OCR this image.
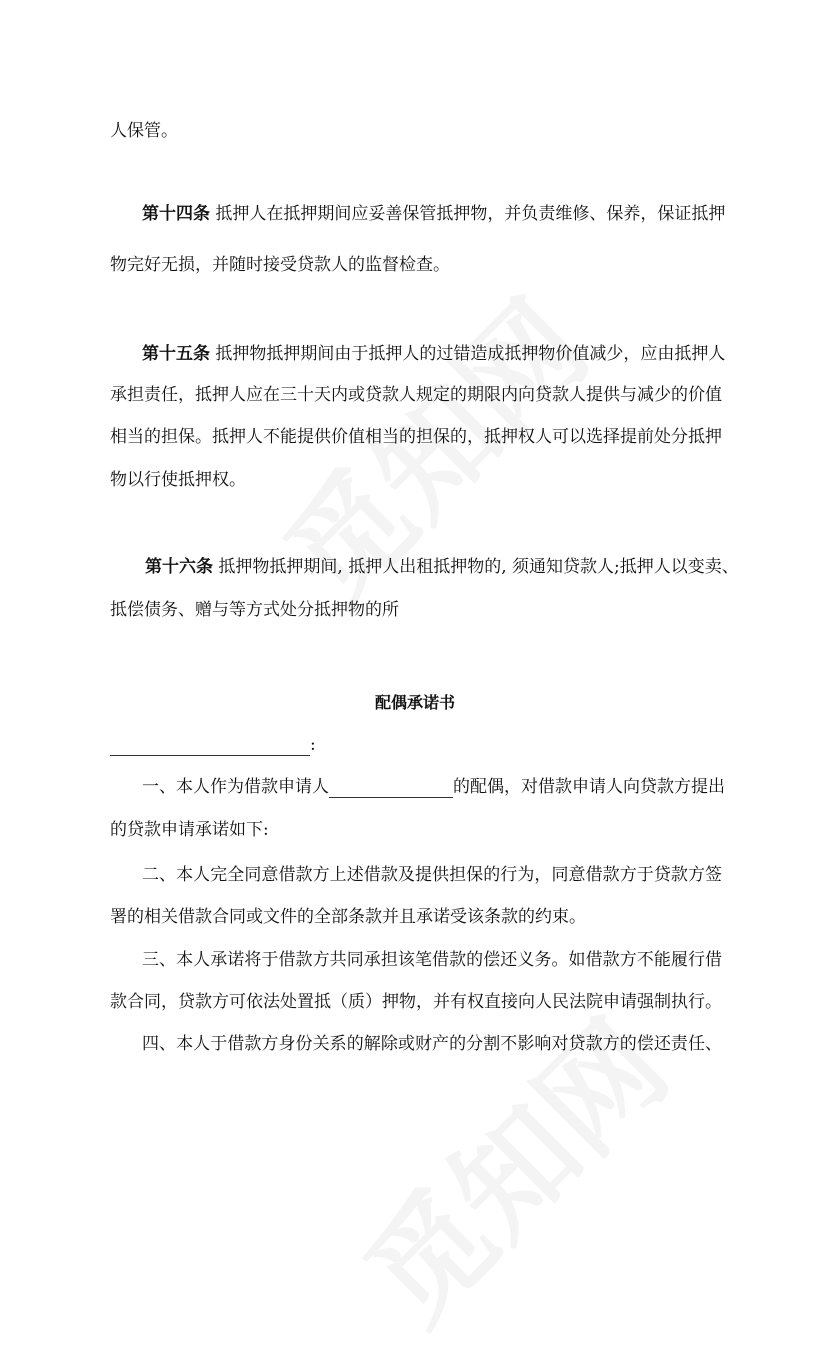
人保管。
第十四条 抵押人在抵押期间应妥善保管抵押物，并负责维修、保养，保证抵押
物完好无损，并随时接受贷款人的监督检查。
第十五条 抵押物抵押期间由于抵押人的过错造成抵押物价值减少，应由抵押人
承担责任，抵押人应在三十天内或贷款人规定的期限内向贷款人提供与减少的价值
相当的担保。抵押人不能提供价值相当的担保的，抵押权人可以选择提前处分抵押
物以行使抵押权。
第十六条 抵押物抵押期间, 抵押人出租抵押物的, 须通知贷款人;抵押人以变卖、
抵偿债务、赠与等方式处分抵押物的所
配偶承诺书
:
一、本人作为借款申请人	的配偶，对借款申请人向贷款方提出
的贷款申请承诺如下:
二、本人完全同意借款方上述借款及提供担保的行为，同意借款方于贷款方签
署的相关借款合同或文件的全部条款并且承诺受该条款的约束。
三、本人承诺将于借款方共同承担该笔借款的偿还义务。如借款方不能履行借
款合同，贷款方可依法处置抵（质）押物，并有权直接向人民法院申请强制执行。
四、本人于借款方身份关系的解除或财产的分割不影响对贷款方的偿还责任、
